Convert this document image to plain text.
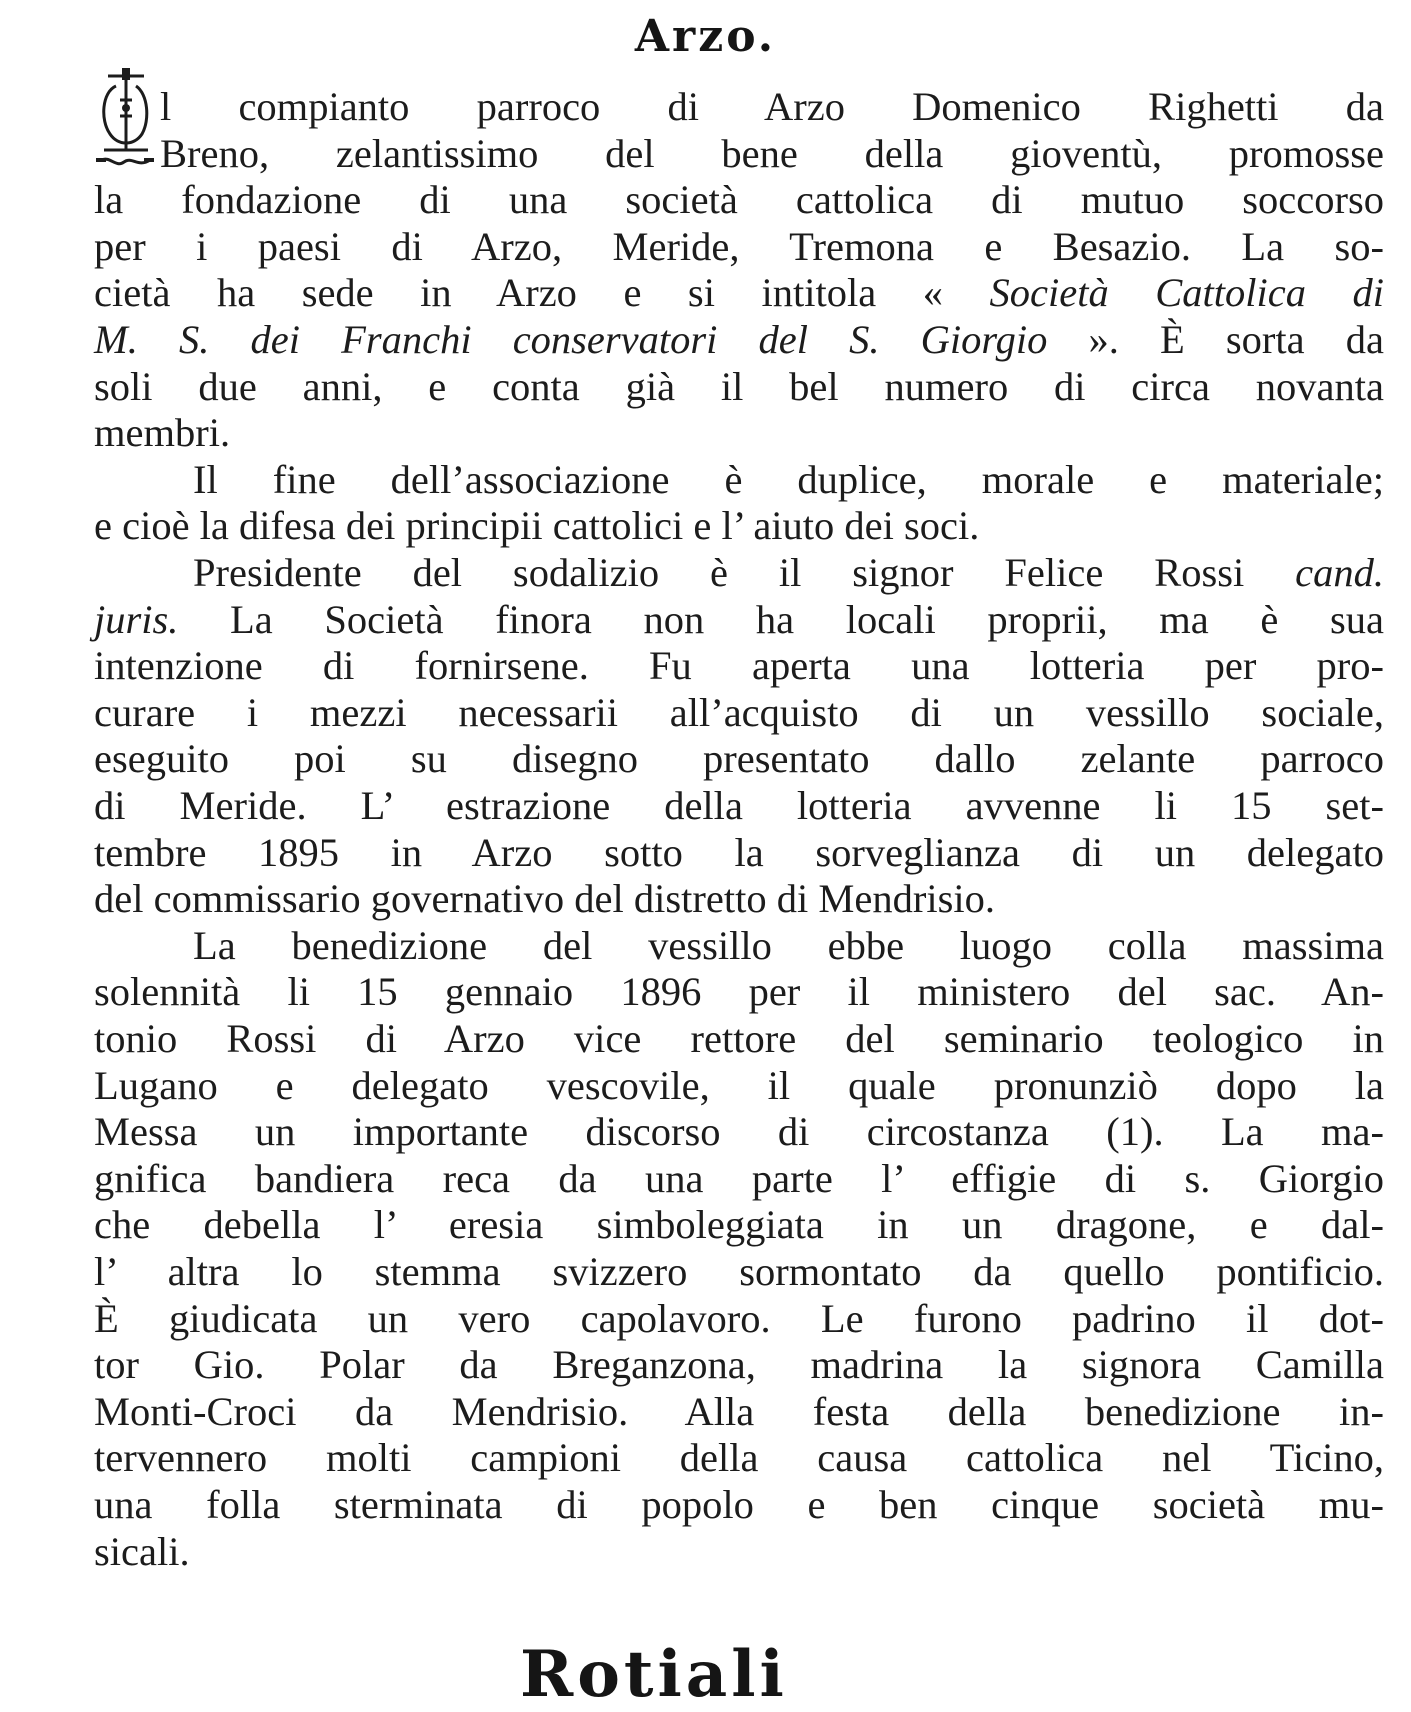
Arzo.
l compiantо parroco di Arzo Domenico Righetti da
Breno, zelantissimo del bene della gioventù, promosse
la fondazione di una società cattolica di mutuo soccorso
per i paesi di Arzo, Meride, Tremona e Besazio. La so-
cietà ha sede in Arzo e si intitola « Società Cattolica di
M. S. dei Franchi conservatori del S. Giorgio ». È sorta da
soli due anni, e conta già il bel numero di circa novanta
membri.
Il fine dell’associazione è duplice, morale e materiale;
e cioè la difesa dei principii cattolici e l’ aiuto dei soci.
Presidente del sodalizio è il signor Felice Rossi cand.
juris. La Società finora non ha locali proprii, ma è sua
intenzione di fornirsene. Fu aperta una lotteria per pro-
curare i mezzi necessarii all’acquisto di un vessillo sociale,
eseguito poi su disegno presentato dallo zelante parroco
di Meride. L’ estrazione della lotteria avvenne li 15 set-
tembre 1895 in Arzo sotto la sorveglianza di un delegato
del commissario governativo del distretto di Mendrisio.
La benedizione del vessillo ebbe luogo colla massima
solennità li 15 gennaio 1896 per il ministero del sac. An-
tonio Rossi di Arzo vice rettore del seminario teologico in
Lugano e delegato vescovile, il quale pronunziò dopo la
Messa un importante discorso di circostanza (1). La ma-
gnifica bandiera reca da una parte l’ effigie di s. Giorgio
che debella l’ eresia simboleggiata in un dragone, e dal-
l’ altra lo stemma svizzero sormontato da quello pontificio.
È giudicata un vero capolavoro. Le furono padrino il dot-
tor Gio. Polar da Breganzona, madrina la signora Camilla
Monti-Croci da Mendrisio. Alla festa della benedizione in-
tervennero molti campioni della causa cattolica nel Ticino,
una folla sterminata di popolo e ben cinque società mu-
sicali.
Rotiali
